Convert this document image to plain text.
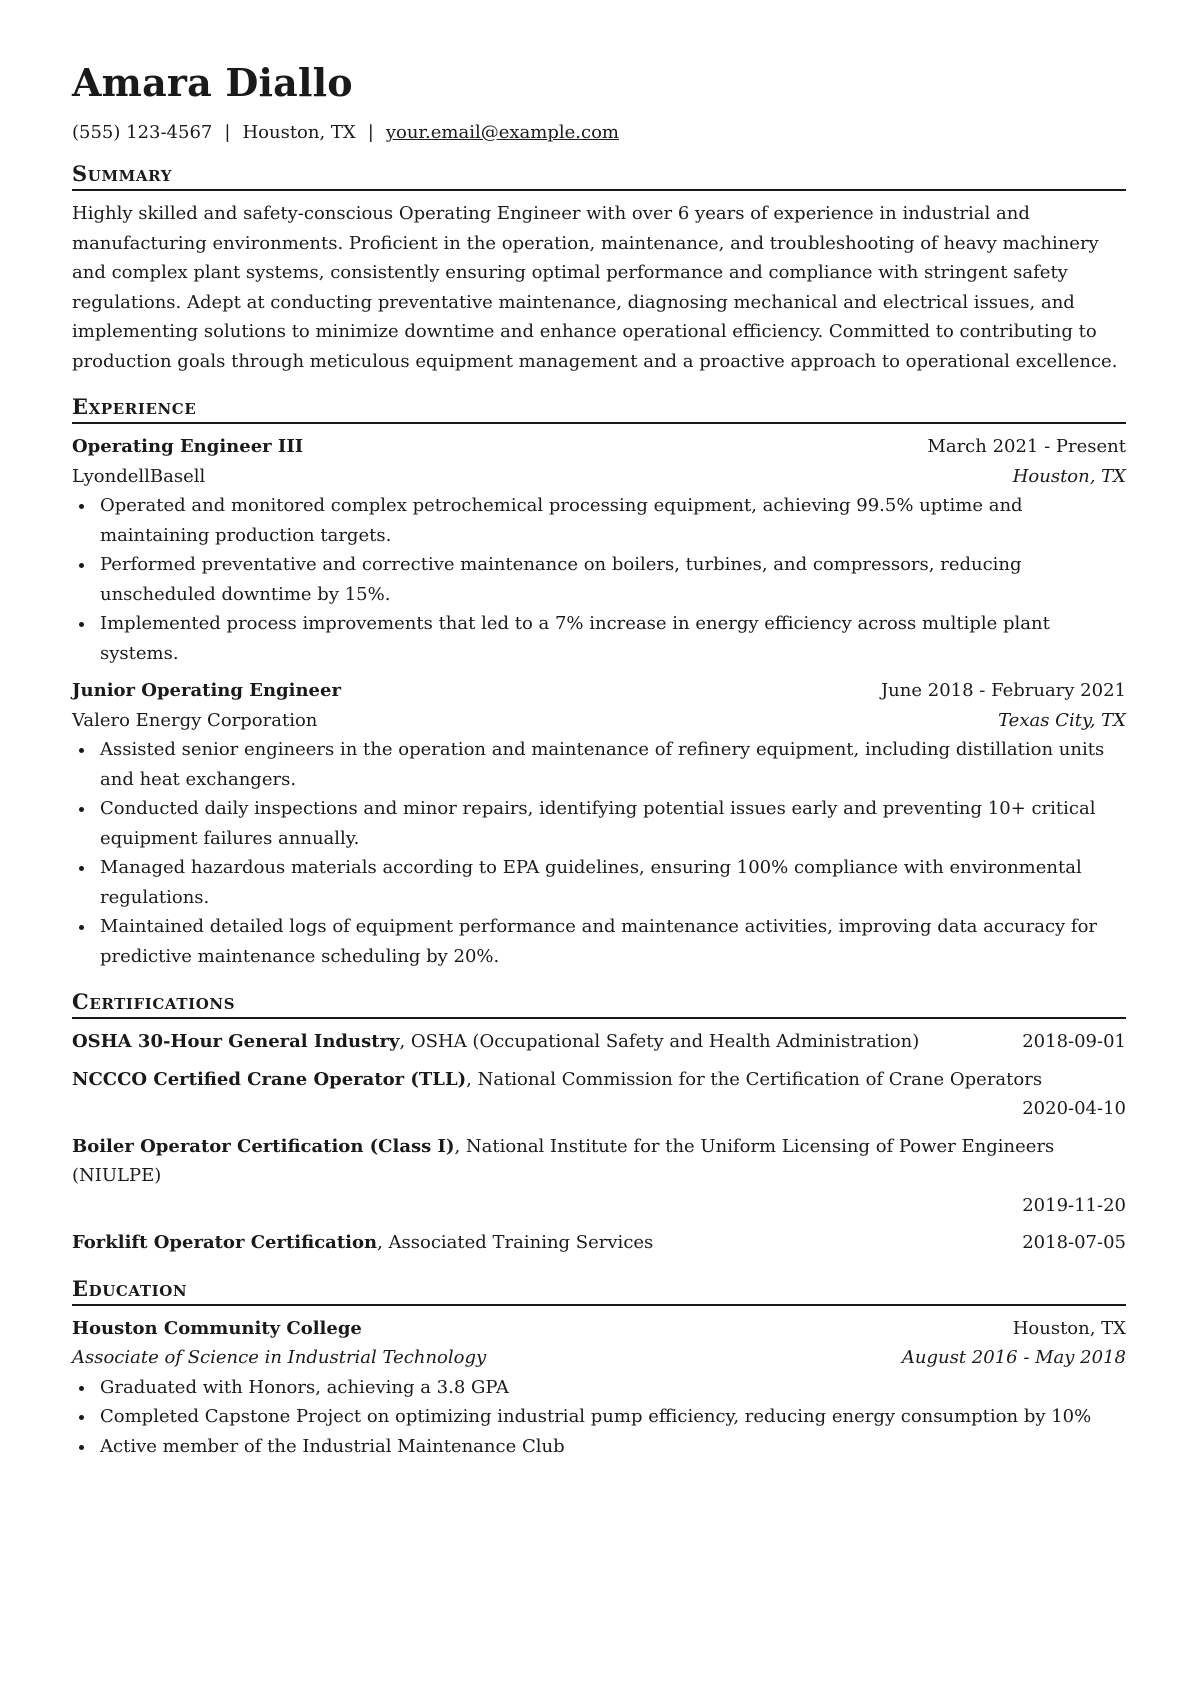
Amara Diallo
(555) 123-4567 | Houston, TX | your.email@example.com
Summary
Highly skilled and safety-conscious Operating Engineer with over 6 years of experience in industrial and manufacturing environments. Proficient in the operation, maintenance, and troubleshooting of heavy machinery and complex plant systems, consistently ensuring optimal performance and compliance with stringent safety regulations. Adept at conducting preventative maintenance, diagnosing mechanical and electrical issues, and implementing solutions to minimize downtime and enhance operational efficiency. Committed to contributing to production goals through meticulous equipment management and a proactive approach to operational excellence.
Experience
Operating Engineer III	March 2021 - Present
LyondellBasell	Houston, TX
Operated and monitored complex petrochemical processing equipment, achieving 99.5% uptime and maintaining production targets.
Performed preventative and corrective maintenance on boilers, turbines, and compressors, reducing unscheduled downtime by 15%.
Implemented process improvements that led to a 7% increase in energy efficiency across multiple plant systems.
Junior Operating Engineer	June 2018 - February 2021
Valero Energy Corporation	Texas City, TX
Assisted senior engineers in the operation and maintenance of refinery equipment, including distillation units and heat exchangers.
Conducted daily inspections and minor repairs, identifying potential issues early and preventing 10+ critical equipment failures annually.
Managed hazardous materials according to EPA guidelines, ensuring 100% compliance with environmental regulations.
Maintained detailed logs of equipment performance and maintenance activities, improving data accuracy for predictive maintenance scheduling by 20%.
Certifications
OSHA 30-Hour General Industry, OSHA (Occupational Safety and Health Administration)	2018-09-01
NCCCO Certified Crane Operator (TLL), National Commission for the Certification of Crane Operators
2020-04-10
Boiler Operator Certification (Class I), National Institute for the Uniform Licensing of Power Engineers (NIULPE)
2019-11-20
Forklift Operator Certification, Associated Training Services	2018-07-05
Education
Houston Community College	Houston, TX
Associate of Science in Industrial Technology	August 2016 - May 2018
Graduated with Honors, achieving a 3.8 GPA
Completed Capstone Project on optimizing industrial pump efficiency, reducing energy consumption by 10%
Active member of the Industrial Maintenance Club
